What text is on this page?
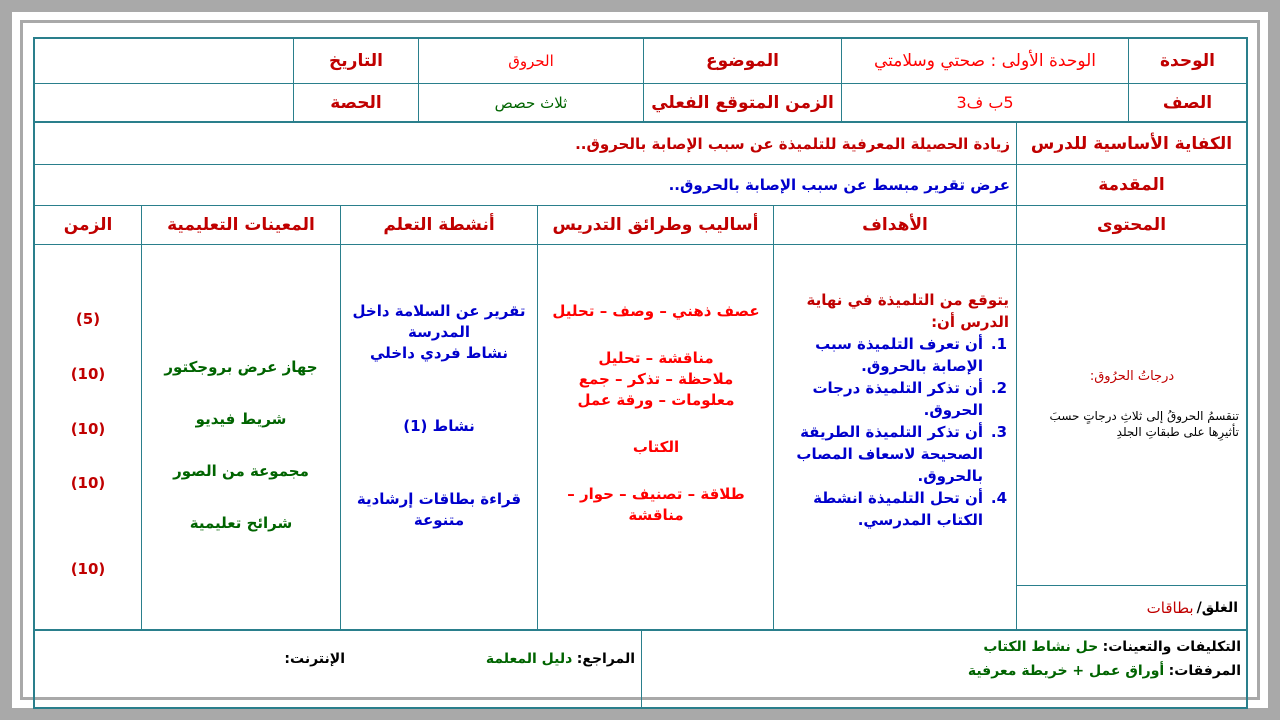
الوحدة
الوحدة الأولى : صحتي وسلامتي
الموضوع
الحروق
التاريخ
الصف
5ب ف3
الزمن المتوقع الفعلي
ثلاث حصص
الحصة
الكفاية الأساسية للدرس
زيادة الحصيلة المعرفية للتلميذة عن سبب الإصابة بالحروق..
المقدمة
عرض تقرير مبسط عن سبب الإصابة بالحروق..
المحتوى
الأهداف
أساليب وطرائق التدريس
أنشطة التعلم
المعينات التعليمية
الزمن
درجاتُ الحرُوق:
تنقسمُ الحروقُ إلى ثلاثِ درجاتٍ حسبَ تأثيرِها على طبقاتِ الجلدِ
الغلق/
بطاقات
يتوقع من التلميذة في نهاية الدرس أن:
1.
أن تعرف التلميذة سبب الإصابة بالحروق.
2.
أن تذكر التلميذة درجات الحروق.
3.
أن تذكر التلميذة الطريقة الصحيحة لاسعاف المصاب بالحروق.
4.
أن تحل التلميذة انشطة الكتاب المدرسي.
عصف ذهني – وصف – تحليل
مناقشة – تحليل
ملاحظة – تذكر – جمع معلومات – ورقة عمل
الكتاب
طلاقة – تصنيف – حوار – مناقشة
تقرير عن السلامة داخل المدرسة
نشاط فردي داخلي
نشاط (1)
قراءة بطاقات إرشادية متنوعة
جهاز عرض بروجكتور
شريط فيديو
مجموعة من الصور
شرائح تعليمية
(5)
(10)
(10)
(10)
(10)
التكليفات والتعينات: حل نشاط الكتاب
المرفقات: أوراق عمل + خريطة معرفية
المراجع: دليل المعلمة
الإنترنت:
